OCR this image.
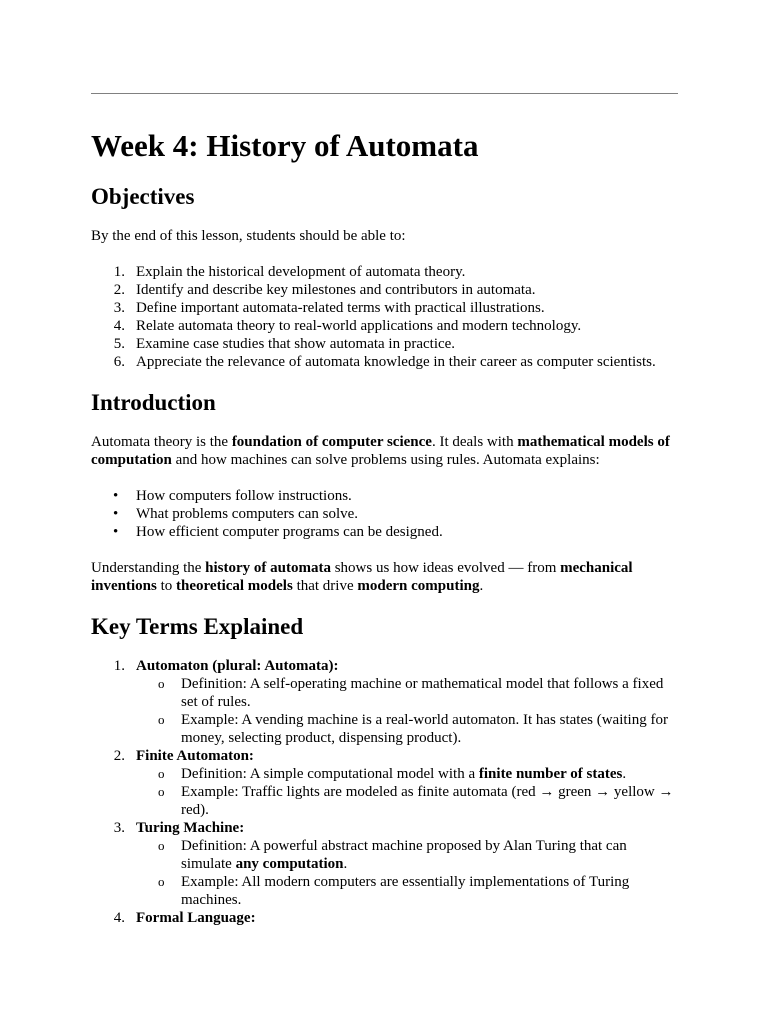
Week 4: History of Automata
Objectives

By the end of this lesson, students should be able to:

1. Explain the historical development of automata theory.
2. Identify and describe key milestones and contributors in automata.
3. Define important automata-related terms with practical illustrations.
4. Relate automata theory to real-world applications and modern technology.
5. Examine case studies that show automata in practice.
6. Appreciate the relevance of automata knowledge in their career as computer scientists.
Introduction

Automata theory is the foundation of computer science. It deals with mathematical models of computation and how machines can solve problems using rules. Automata explains:

• How computers follow instructions.
• What problems computers can solve.
• How efficient computer programs can be designed.

Understanding the history of automata shows us how ideas evolved — from mechanical inventions to theoretical models that drive modern computing.

Key Terms Explained
1. Automaton (plural: Automata):
o Definition: A self-operating machine or mathematical model that follows a fixed set of rules.
o Example: A vending machine is a real-world automaton. It has states (waiting for money, selecting product, dispensing product).
2. Finite Automaton:
o Definition: A simple computational model with a finite number of states.
o Example: Traffic lights are modeled as finite automata (red → green → yellow → red).
3. Turing Machine:
o Definition: A powerful abstract machine proposed by Alan Turing that can simulate any computation.
o Example: All modern computers are essentially implementations of Turing machines.
4. Formal Language:
